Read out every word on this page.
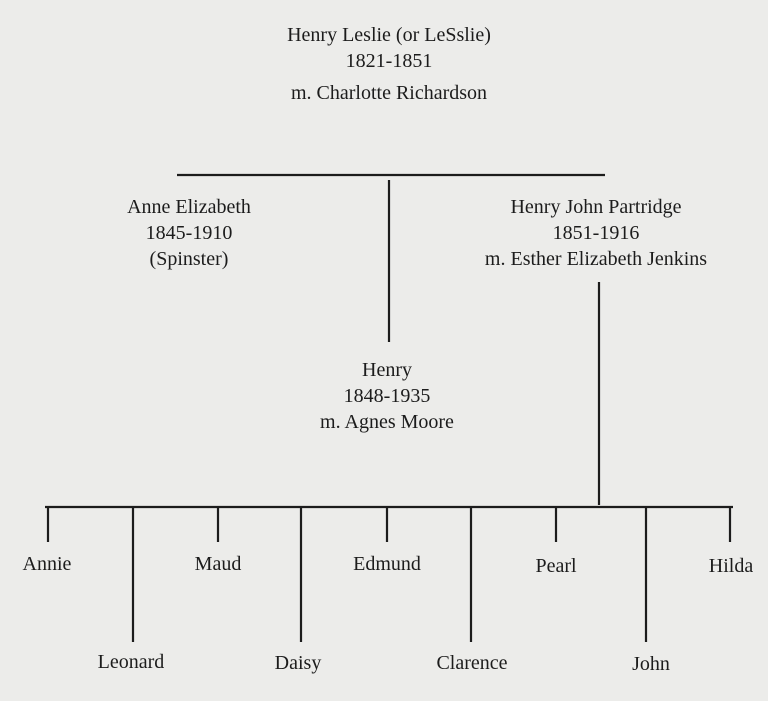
Henry Leslie (or LeSslie)
1821-1851
m. Charlotte Richardson
Anne Elizabeth
1845-1910
(Spinster)
Henry
1848-1935
m. Agnes Moore
Henry John Partridge
1851-1916
m. Esther Elizabeth Jenkins
Annie
Leonard
Maud
Daisy
Edmund
Clarence
Pearl
John
Hilda
